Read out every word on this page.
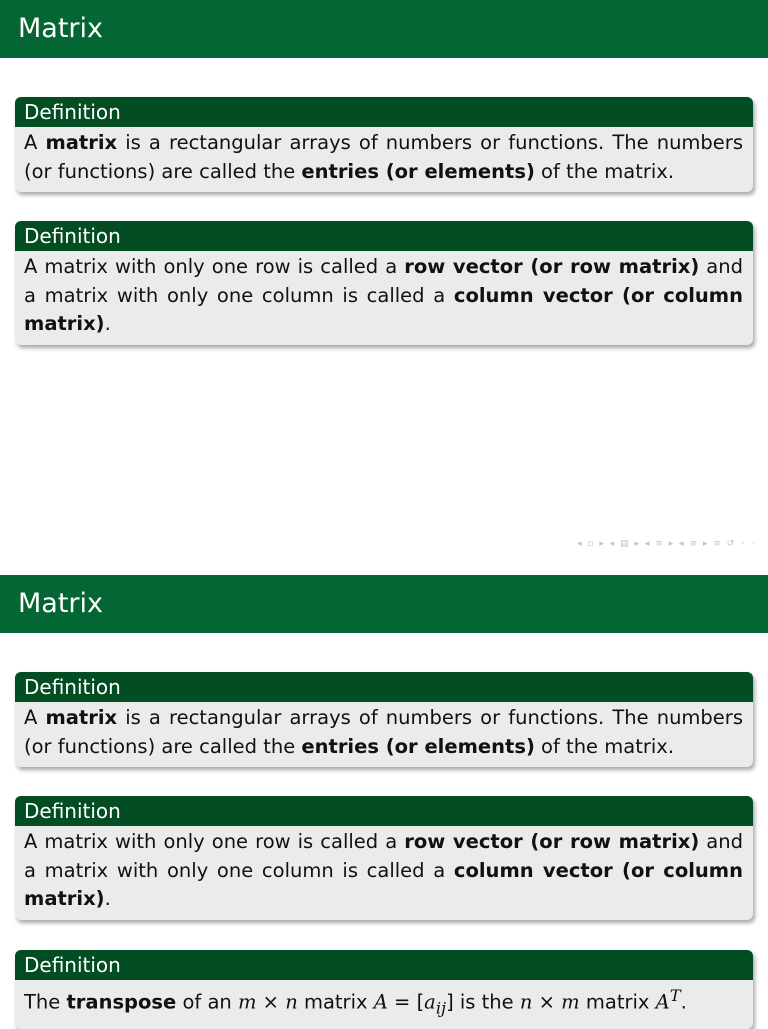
Matrix
Definition
A matrix is a rectangular arrays of numbers or functions. The numbers (or functions) are called the entries (or elements) of the matrix.
Definition
A matrix with only one row is called a row vector (or row matrix) and a matrix with only one column is called a column vector (or column matrix).
◂ ▫ ▸ ◂ ▤ ▸ ◂ ≡ ▸ ◂ ≡ ▸ ≡ ↺ ◦ ◦
Matrix
Definition
A matrix is a rectangular arrays of numbers or functions. The numbers (or functions) are called the entries (or elements) of the matrix.
Definition
A matrix with only one row is called a row vector (or row matrix) and a matrix with only one column is called a column vector (or column matrix).
Definition
The transpose of an m × n matrix $A = [a_{ij}]$ is the n × m matrix $A^T$.
